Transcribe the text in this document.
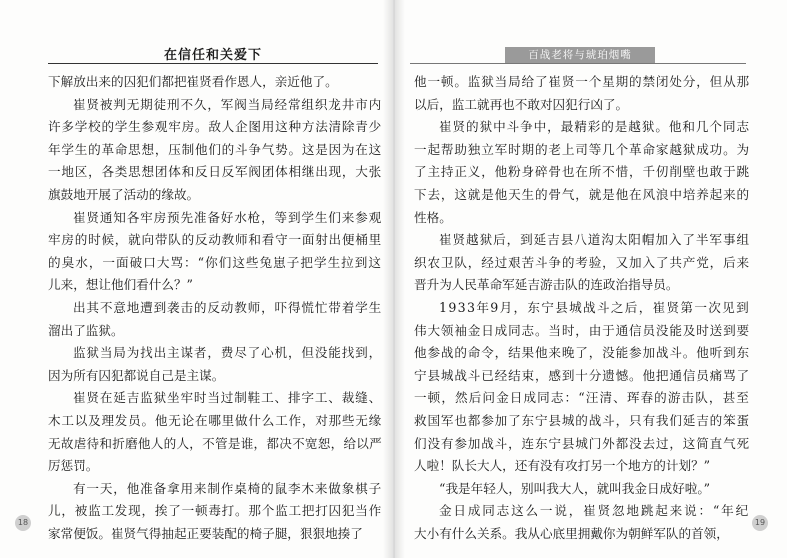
在信任和关爱下	百战老将与琥珀烟嘴
下解放出来的囚犯们都把崔贤看作恩人，亲近他了。
崔贤被判无期徒刑不久，军阀当局经常组织龙井市内
许多学校的学生参观牢房。敌人企图用这种方法清除青少
年学生的革命思想，压制他们的斗争气势。这是因为在这
一地区，各类思想团体和反日反军阀团体相继出现，大张
旗鼓地开展了活动的缘故。
崔贤通知各牢房预先准备好水枪，等到学生们来参观
牢房的时候，就向带队的反动教师和看守一面射出便桶里
的臭水，一面破口大骂：“你们这些兔崽子把学生拉到这
儿来，想让他们看什么？”
出其不意地遭到袭击的反动教师，吓得慌忙带着学生
溜出了监狱。
监狱当局为找出主谋者，费尽了心机，但没能找到，
因为所有囚犯都说自己是主谋。
崔贤在延吉监狱坐牢时当过制鞋工、排字工、裁缝、
木工以及理发员。他无论在哪里做什么工作，对那些无缘
无故虐待和折磨他人的人，不管是谁，都决不宽恕，给以严
厉惩罚。
有一天，他准备拿用来制作桌椅的鼠李木来做象棋子
儿，被监工发现，挨了一顿毒打。那个监工把打囚犯当作
家常便饭。崔贤气得抽起正要装配的椅子腿，狠狠地揍了
他一顿。监狱当局给了崔贤一个星期的禁闭处分，但从那
以后，监工就再也不敢对囚犯行凶了。
崔贤的狱中斗争中，最精彩的是越狱。他和几个同志
一起帮助独立军时期的老上司等几个革命家越狱成功。为
了主持正义，他粉身碎骨也在所不惜，千仞削壁也敢于跳
下去，这就是他天生的骨气，就是他在风浪中培养起来的
性格。
崔贤越狱后，到延吉县八道沟太阳帽加入了半军事组
织农卫队，经过艰苦斗争的考验，又加入了共产党，后来
晋升为人民革命军延吉游击队的连政治指导员。
1933年9月，东宁县城战斗之后，崔贤第一次见到
伟大领袖金日成同志。当时，由于通信员没能及时送到要
他参战的命令，结果他来晚了，没能参加战斗。他听到东
宁县城战斗已经结束，感到十分遗憾。他把通信员痛骂了
一顿，然后问金日成同志：“汪清、珲春的游击队，甚至
救国军也都参加了东宁县城的战斗，只有我们延吉的笨蛋
们没有参加战斗，连东宁县城门外都没去过，这简直气死
人啦！队长大人，还有没有攻打另一个地方的计划？”
“我是年轻人，别叫我大人，就叫我金日成好啦。”
金日成同志这么一说，崔贤忽地跳起来说：“年纪
大小有什么关系。我从心底里拥戴你为朝鲜军队的首领，
18	19
